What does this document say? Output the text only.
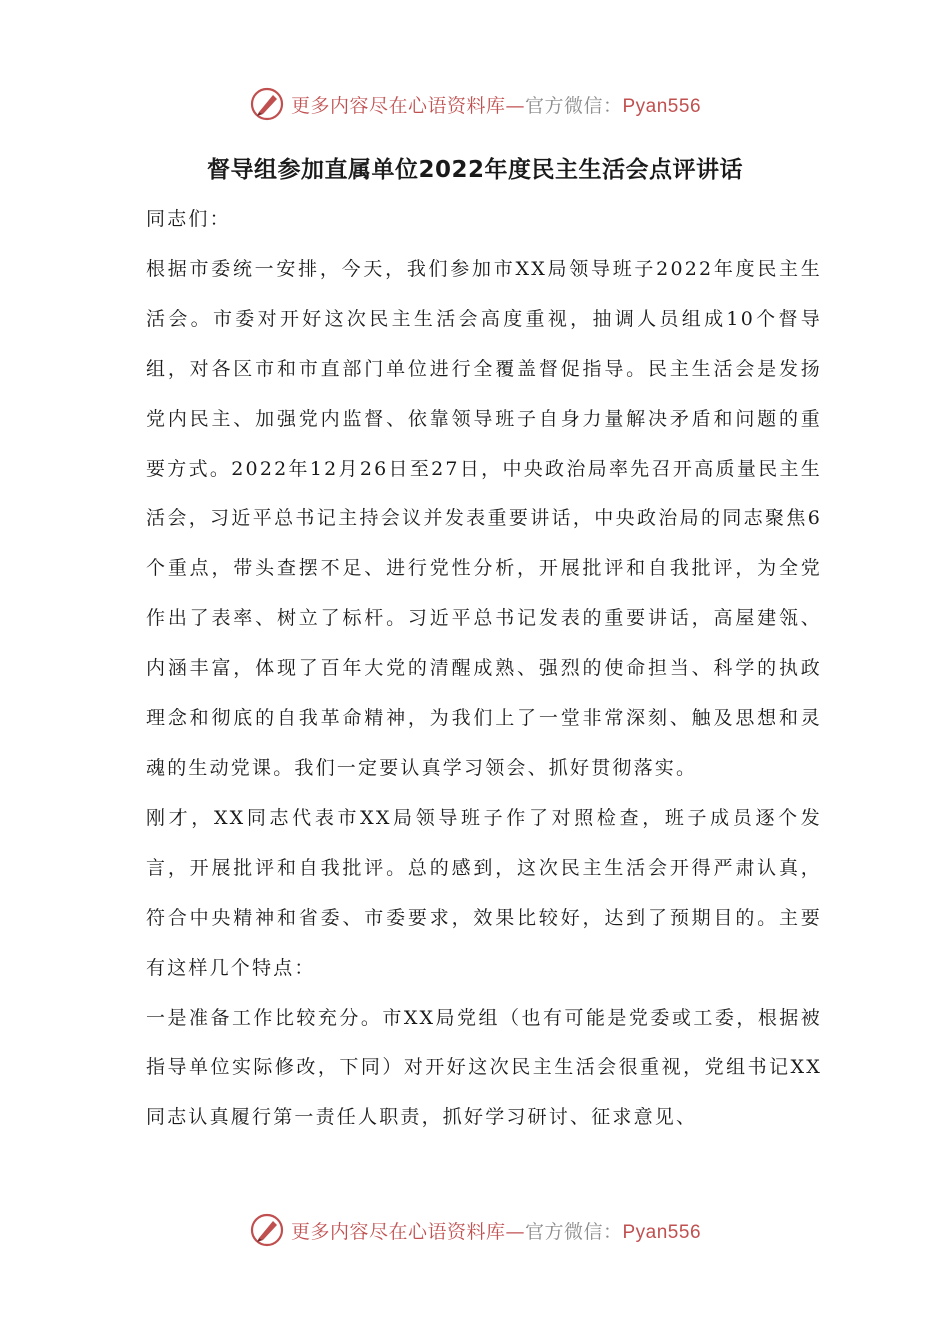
更多内容尽在心语资料库—官方微信：Pyan556
督导组参加直属单位2022年度民主生活会点评讲话

同志们：

根据市委统一安排，今天，我们参加市XX局领导班子2022年度民主生活会。市委对开好这次民主生活会高度重视，抽调人员组成10个督导组，对各区市和市直部门单位进行全覆盖督促指导。民主生活会是发扬党内民主、加强党内监督、依靠领导班子自身力量解决矛盾和问题的重要方式。2022年12月26日至27日，中央政治局率先召开高质量民主生活会，习近平总书记主持会议并发表重要讲话，中央政治局的同志聚焦6个重点，带头查摆不足、进行党性分析，开展批评和自我批评，为全党作出了表率、树立了标杆。习近平总书记发表的重要讲话，高屋建瓴、内涵丰富，体现了百年大党的清醒成熟、强烈的使命担当、科学的执政理念和彻底的自我革命精神，为我们上了一堂非常深刻、触及思想和灵魂的生动党课。我们一定要认真学习领会、抓好贯彻落实。

刚才，XX同志代表市XX局领导班子作了对照检查，班子成员逐个发言，开展批评和自我批评。总的感到，这次民主生活会开得严肃认真，符合中央精神和省委、市委要求，效果比较好，达到了预期目的。主要有这样几个特点：

一是准备工作比较充分。市XX局党组（也有可能是党委或工委，根据被指导单位实际修改，下同）对开好这次民主生活会很重视，党组书记XX同志认真履行第一责任人职责，抓好学习研讨、征求意见、

更多内容尽在心语资料库—官方微信：Pyan556
